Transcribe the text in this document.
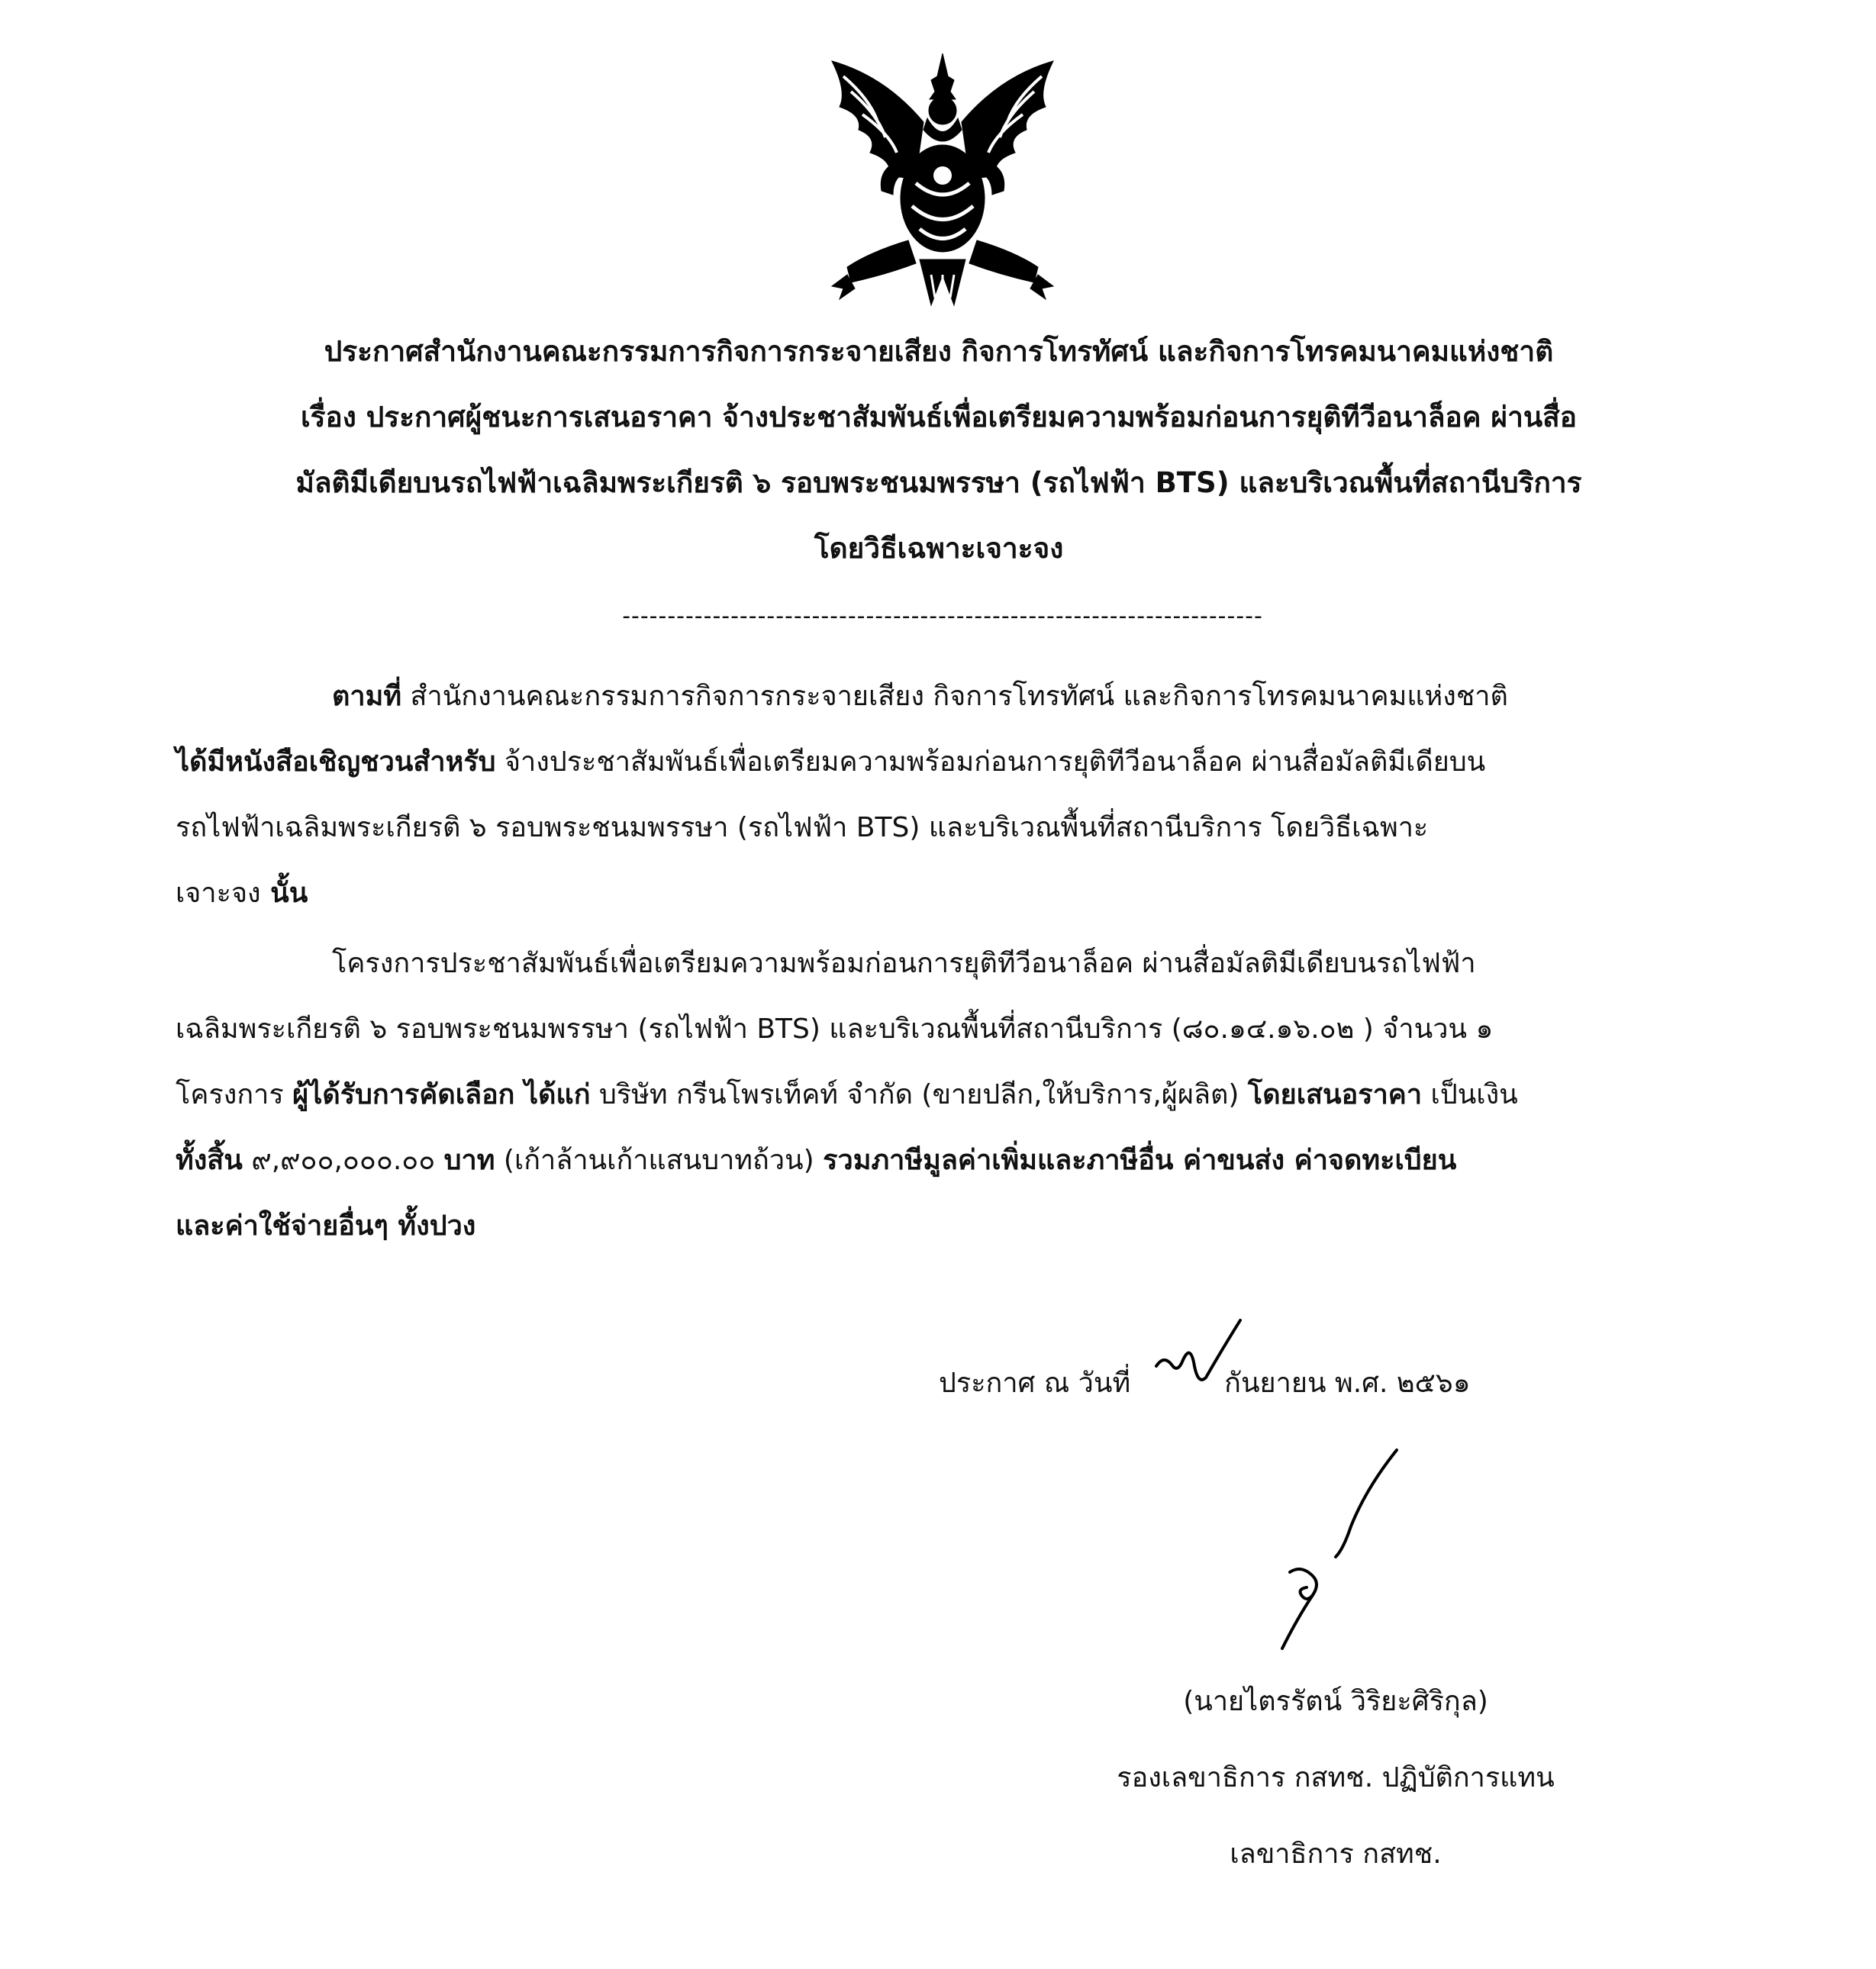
ประกาศสำนักงานคณะกรรมการกิจการกระจายเสียง กิจการโทรทัศน์ และกิจการโทรคมนาคมแห่งชาติ
เรื่อง ประกาศผู้ชนะการเสนอราคา จ้างประชาสัมพันธ์เพื่อเตรียมความพร้อมก่อนการยุติทีวีอนาล็อค ผ่านสื่อ
มัลติมีเดียบนรถไฟฟ้าเฉลิมพระเกียรติ ๖ รอบพระชนมพรรษา (รถไฟฟ้า BTS) และบริเวณพื้นที่สถานีบริการ
โดยวิธีเฉพาะเจาะจง
-----------------------------------------------------------------------
ตามที่ สำนักงานคณะกรรมการกิจการกระจายเสียง กิจการโทรทัศน์ และกิจการโทรคมนาคมแห่งชาติ
ได้มีหนังสือเชิญชวนสำหรับ จ้างประชาสัมพันธ์เพื่อเตรียมความพร้อมก่อนการยุติทีวีอนาล็อค ผ่านสื่อมัลติมีเดียบน
รถไฟฟ้าเฉลิมพระเกียรติ ๖ รอบพระชนมพรรษา (รถไฟฟ้า BTS) และบริเวณพื้นที่สถานีบริการ โดยวิธีเฉพาะ
เจาะจง นั้น
โครงการประชาสัมพันธ์เพื่อเตรียมความพร้อมก่อนการยุติทีวีอนาล็อค ผ่านสื่อมัลติมีเดียบนรถไฟฟ้า
เฉลิมพระเกียรติ ๖ รอบพระชนมพรรษา (รถไฟฟ้า BTS) และบริเวณพื้นที่สถานีบริการ (๘๐.๑๔.๑๖.๐๒ ) จำนวน ๑
โครงการ ผู้ได้รับการคัดเลือก ได้แก่ บริษัท กรีนโพรเท็คท์ จำกัด (ขายปลีก,ให้บริการ,ผู้ผลิต) โดยเสนอราคา เป็นเงิน
ทั้งสิ้น ๙,๙๐๐,๐๐๐.๐๐ บาท (เก้าล้านเก้าแสนบาทถ้วน) รวมภาษีมูลค่าเพิ่มและภาษีอื่น ค่าขนส่ง ค่าจดทะเบียน
และค่าใช้จ่ายอื่นๆ ทั้งปวง
ประกาศ ณ วันที่	กันยายน พ.ศ. ๒๕๖๑
(นายไตรรัตน์ วิริยะศิริกุล)
รองเลขาธิการ กสทช. ปฏิบัติการแทน
เลขาธิการ กสทช.
